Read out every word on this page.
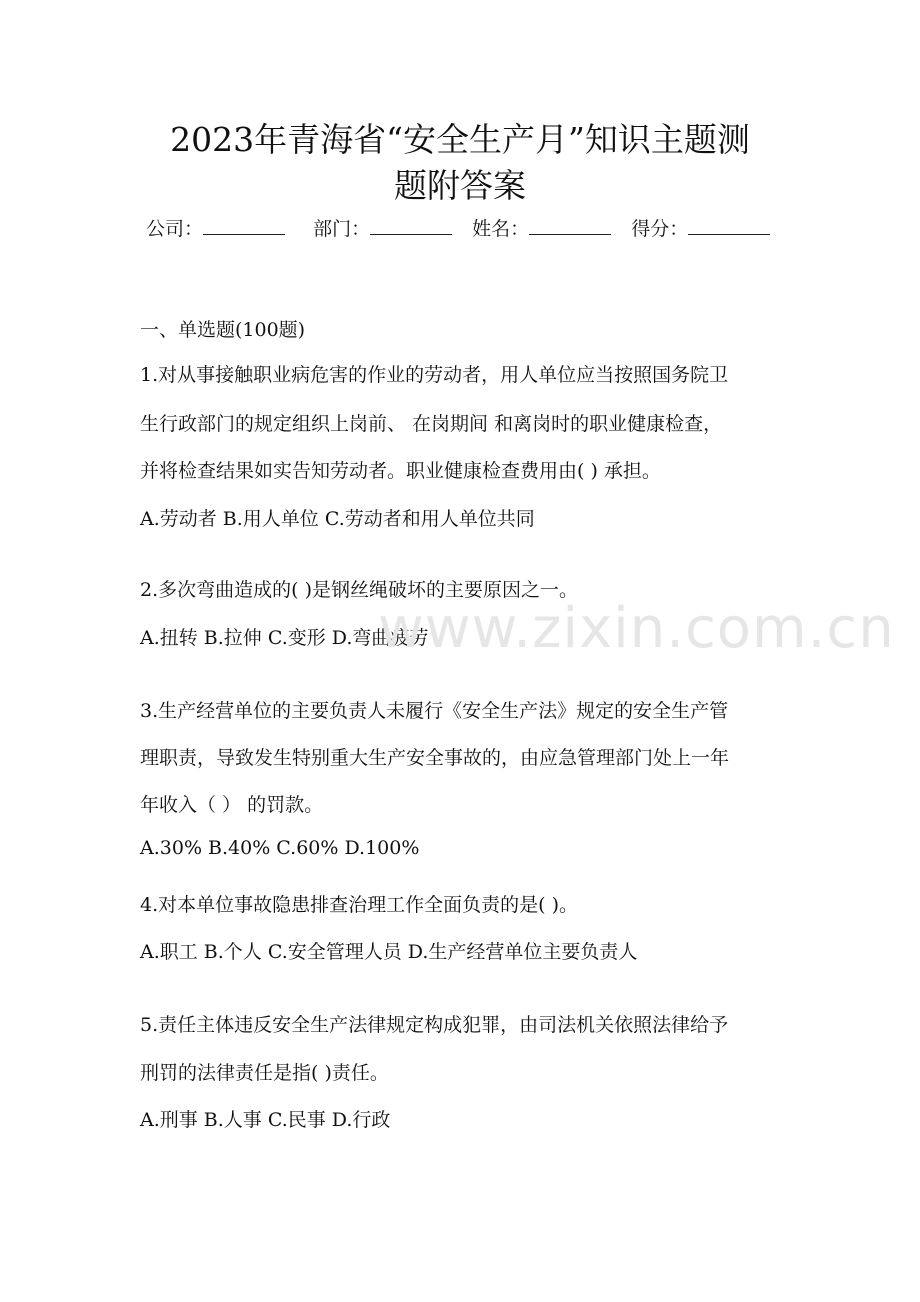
2023年青海省“安全生产月”知识主题测
题附答案
公司：	部门：	姓名：	得分：

一、单选题(100题)

1.对从事接触职业病危害的作业的劳动者，用人单位应当按照国务院卫

生行政部门的规定组织上岗前、 在岗期间 和离岗时的职业健康检查，

并将检查结果如实告知劳动者。职业健康检查费用由( ) 承担。

A.劳动者 B.用人单位 C.劳动者和用人单位共同

2.多次弯曲造成的( )是钢丝绳破坏的主要原因之一。

A.扭转 B.拉伸 C.变形 D.弯曲疲劳

3.生产经营单位的主要负责人未履行《安全生产法》规定的安全生产管

理职责，导致发生特别重大生产安全事故的，由应急管理部门处上一年

年收入（ ） 的罚款。

A.30% B.40% C.60% D.100%

4.对本单位事故隐患排查治理工作全面负责的是( )。

A.职工 B.个人 C.安全管理人员 D.生产经营单位主要负责人

5.责任主体违反安全生产法律规定构成犯罪，由司法机关依照法律给予

刑罚的法律责任是指( )责任。

A.刑事 B.人事 C.民事 D.行政

www.zixin.com.cn
